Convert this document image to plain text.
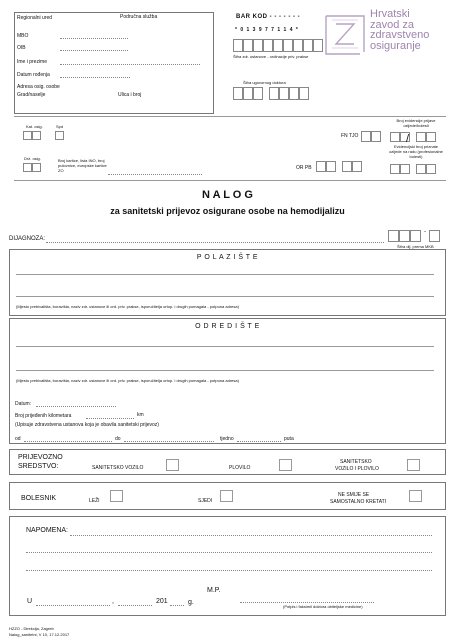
Regionalni ured	Područna služba
MBO
OIB
Ime i prezime
Datum rođenja
Adresa osig. osobe
Grad/naselje	Ulica i broj
BAR KOD - - - - - - -
* 0 1 3 9 7 7 1 1 4 *
Šifra zdr. ustanove - ordinacije priv. prakse
Šifra ugovornog doktora
Hrvatski
zavod za
zdravstveno
osiguranje
Kat. osig.	Spd
Drž. osig.	Broj kartice, lista INO, broj putovnice, europske kartice ZO
FN TJO
OR PB
Broj evidencije prijave ozljede/bolesti
/
Evidencijski broj priznate ozljede na radu (profesionalne bolesti)
N A L O G
za sanitetski prijevoz osigurane osobe na hemodijalizu
DIJAGNOZA:
-
Šifra dij. prema MKB
P O L A Z I Š T E
(Mjesto prebivališta, boravišta, naziv zdr. ustanove ili ord. priv. prakse, isporučitelja ortop. i drugih pomagala - potpuna adresa)
O D R E D I Š T E
(Mjesto prebivališta, boravišta, naziv zdr. ustanove ili ord. priv. prakse, isporučitelja ortop. i drugih pomagala - potpuna adresa)
Datum:
Broj prijeđenih kilometara	km
(Upisuje zdravstvena ustanova koja je obavila sanitetski prijevoz)
od	do	tjedno	puta
PRIJEVOZNO
SREDSTVO:	SANITETSKO VOZILO	PLOVILO
SANITETSKO
VOZILO I PLOVILO
BOLESNIK	LEŽI	SJEDI
NE SMIJE SE
SAMOSTALNO KRETATI
NAPOMENA:
M.P.
U	,	201	g.
(Potpis i faksimil doktora obiteljske medicine)
HZZO - Direkcija, Zagreb
Nalog_sanitetni, V 10, 17.12.2017
